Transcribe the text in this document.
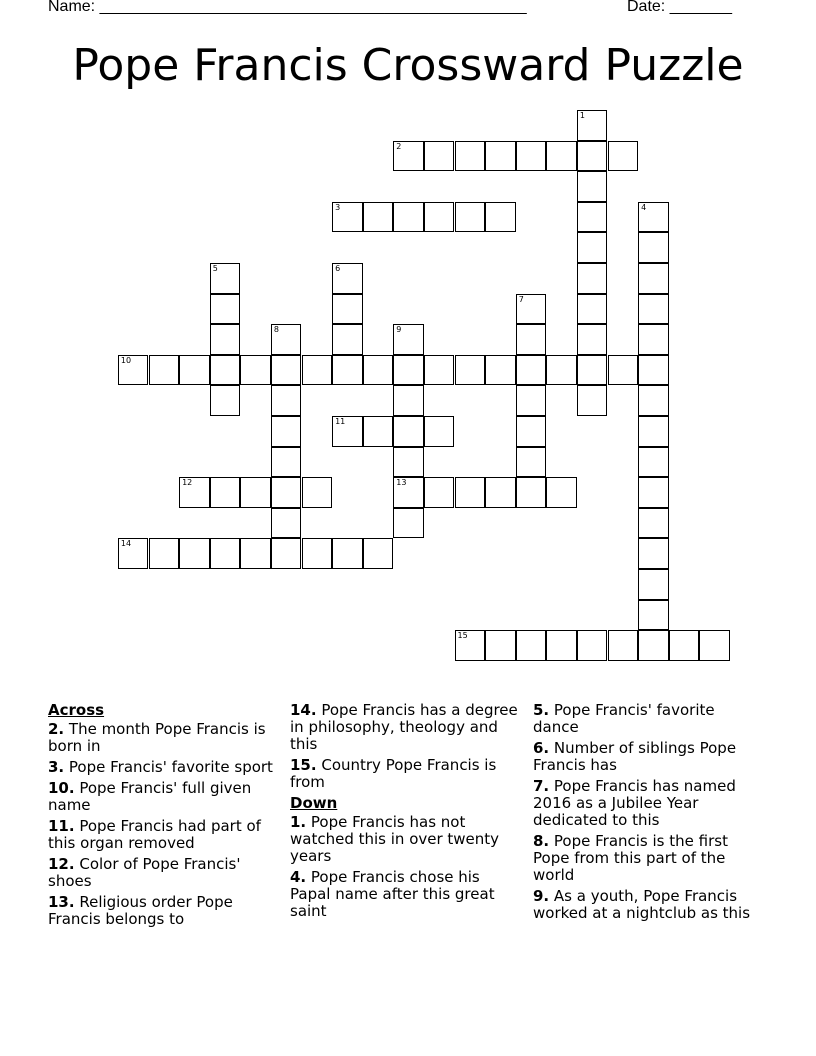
Name: ________________________________________________	Date: _______
Pope Francis Crossward Puzzle
1
2
3	4
5	6
7
8	9
13
10
11
12
14
15
Across
2. The month Pope Francis is born in
3. Pope Francis' favorite sport
10. Pope Francis' full given name
11. Pope Francis had part of this organ removed
12. Color of Pope Francis' shoes
13. Religious order Pope Francis belongs to
14. Pope Francis has a degree in philosophy, theology and this
15. Country Pope Francis is from
Down
1. Pope Francis has not watched this in over twenty years
4. Pope Francis chose his Papal name after this great saint
5. Pope Francis' favorite dance
6. Number of siblings Pope Francis has
7. Pope Francis has named 2016 as a Jubilee Year dedicated to this
8. Pope Francis is the first Pope from this part of the world
9. As a youth, Pope Francis worked at a nightclub as this
